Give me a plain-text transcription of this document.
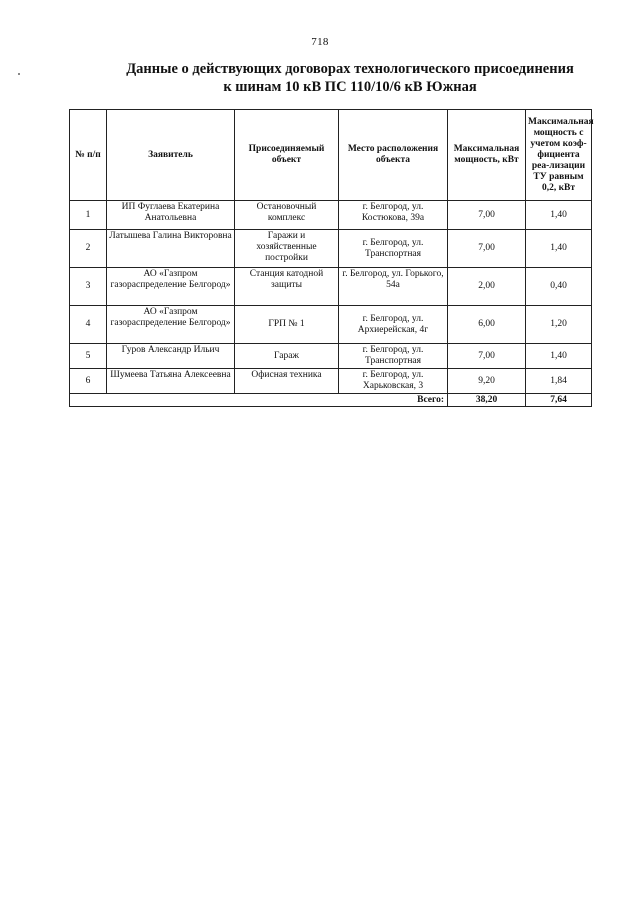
718
Данные о действующих договорах технологического присоединения
к шинам 10 кВ ПС 110/10/6 кВ Южная
№ п/п	Заявитель	Присоединяемый объект	Место расположения объекта	Максимальная мощность, кВт	Максимальная мощность с учетом коэф-фициента реа-лизации ТУ равным 0,2, кВт
1	ИП Фуглаева Екатерина Анатольевна	Остановочный комплекс	г. Белгород, ул. Костюкова, 39а	7,00	1,40
2	Латышева Галина Викторовна	Гаражи и хозяйственные постройки	г. Белгород, ул. Транспортная	7,00	1,40
3	АО «Газпром газораспределение Белгород»	Станция катодной защиты	г. Белгород, ул. Горького, 54а	2,00	0,40
4	АО «Газпром газораспределение Белгород»	ГРП № 1	г. Белгород, ул. Архиерейская, 4г	6,00	1,20
5	Гуров Александр Ильич	Гараж	г. Белгород, ул. Транспортная	7,00	1,40
6	Шумеева Татьяна Алексеевна	Офисная техника	г. Белгород, ул. Харьковская, 3	9,20	1,84
Всего:				38,20	7,64
